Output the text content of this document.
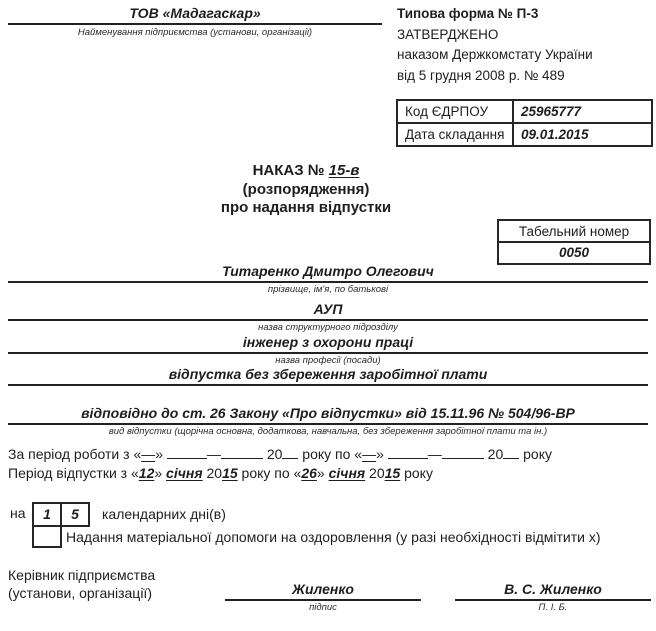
ТОВ «Мадагаскар»
Найменування підприємства (установи, організації)
Типова форма № П-3
ЗАТВЕРДЖЕНО
наказом Держкомстату України
від 5 грудня 2008 р. № 489
Код ЄДРПОУ	25965777
Дата складання	09.01.2015
НАКАЗ № 15-в
(розпорядження)
про надання відпустки
Табельний номер
0050
Титаренко Дмитро Олегович
прізвище, ім'я, по батькові
АУП
назва структурного підрозділу
інженер з охорони праці
назва професії (посади)
відпустка без збереження заробітної плати
відповідно до ст. 26 Закону «Про відпустки» від 15.11.96 № 504/96-ВР
вид відпустки (щорічна основна, додаткова, навчальна, без збереження заробітної плати та ін.)
За період роботи з «—»	—	20 року по «—»	—	20 року
Період відпустки з «12» січня 2015 року по «26» січня 2015 року
на	1	5	календарних дні(в)
Надання матеріальної допомоги на оздоровлення (у разі необхідності відмітити х)
Керівник підприємства
(установи, організації)	Жиленко
підпис
В. С. Жиленко
П. І. Б.
